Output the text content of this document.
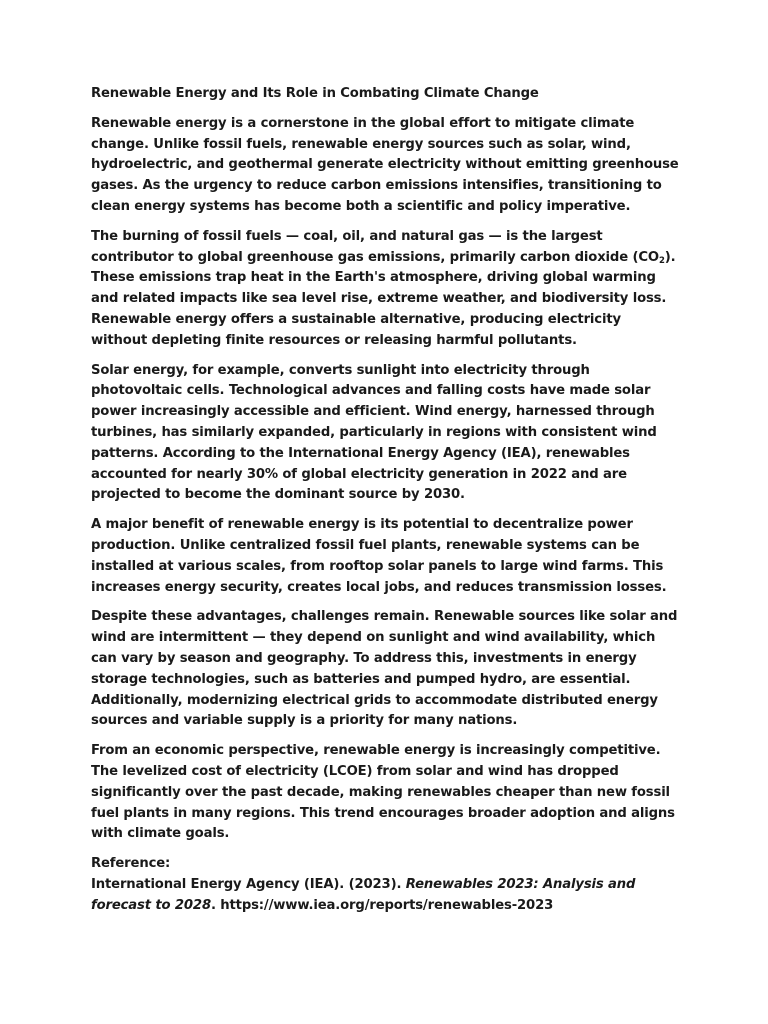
Renewable Energy and Its Role in Combating Climate Change

Renewable energy is a cornerstone in the global effort to mitigate climate change. Unlike fossil fuels, renewable energy sources such as solar, wind, hydroelectric, and geothermal generate electricity without emitting greenhouse gases. As the urgency to reduce carbon emissions intensifies, transitioning to clean energy systems has become both a scientific and policy imperative.

The burning of fossil fuels — coal, oil, and natural gas — is the largest contributor to global greenhouse gas emissions, primarily carbon dioxide $(CO_2)$. These emissions trap heat in the Earth's atmosphere, driving global warming and related impacts like sea level rise, extreme weather, and biodiversity loss. Renewable energy offers a sustainable alternative, producing electricity without depleting finite resources or releasing harmful pollutants.

Solar energy, for example, converts sunlight into electricity through photovoltaic cells. Technological advances and falling costs have made solar power increasingly accessible and efficient. Wind energy, harnessed through turbines, has similarly expanded, particularly in regions with consistent wind patterns. According to the International Energy Agency (IEA), renewables accounted for nearly 30% of global electricity generation in 2022 and are projected to become the dominant source by 2030.

A major benefit of renewable energy is its potential to decentralize power production. Unlike centralized fossil fuel plants, renewable systems can be installed at various scales, from rooftop solar panels to large wind farms. This increases energy security, creates local jobs, and reduces transmission losses.

Despite these advantages, challenges remain. Renewable sources like solar and wind are intermittent — they depend on sunlight and wind availability, which can vary by season and geography. To address this, investments in energy storage technologies, such as batteries and pumped hydro, are essential. Additionally, modernizing electrical grids to accommodate distributed energy sources and variable supply is a priority for many nations.

From an economic perspective, renewable energy is increasingly competitive. The levelized cost of electricity (LCOE) from solar and wind has dropped significantly over the past decade, making renewables cheaper than new fossil fuel plants in many regions. This trend encourages broader adoption and aligns with climate goals.

Reference:

International Energy Agency (IEA). (2023). Renewables 2023: Analysis and forecast to 2028. https://www.iea.org/reports/renewables-2023
